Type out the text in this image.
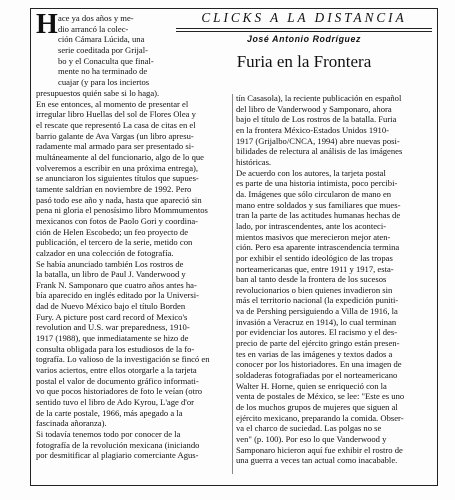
H ace ya dos años y me-
dio arrancó la colec-
ción Cámara Lúcida, una
serie coeditada por Grijal-
bo y el Conaculta que final-
mente no ha terminado de
cuajar (y para los inciertos
CLICKS A LA DISTANCIA
José Antonio Rodríguez
Furia en la Frontera
presupuestos quién sabe si lo haga).
En ese entonces, al momento de presentar el
irregular libro Huellas del sol de Flores Olea y
el rescate que representó La casa de citas en el
barrio galante de Ava Vargas (un libro apresu-
radamente mal armado para ser presentado si-
multáneamente al del funcionario, algo de lo que
volveremos a escribir en una próxima entrega),
se anunciaron los siguientes títulos que supues-
tamente saldrían en noviembre de 1992. Pero
pasó todo ese año y nada, hasta que apareció sin
pena ni gloria el penosísimo libro Mommumentos
mexicanos con fotos de Paolo Gori y coordina-
ción de Helen Escobedo; un feo proyecto de
publicación, el tercero de la serie, metido con
calzador en una colección de fotografía.
Se había anunciado también Los rostros de
la batalla, un libro de Paul J. Vanderwood y
Frank N. Samponaro que cuatro años antes ha-
bía aparecido en inglés editado por la Universi-
dad de Nuevo México bajo el título Borden
Fury. A picture post card record of Mexico's
revolution and U.S. war preparedness, 1910-
1917 (1988), que inmediatamente se hizo de
consulta obligada para los estudiosos de la fo-
tografía. Lo valioso de la investigación se fincó en
varios aciertos, entre ellos otorgarle a la tarjeta
postal el valor de documento gráfico informati-
vo que pocos historiadores de foto le veían (otro
sentido tuvo el libro de Ado Kyrou, L'age d'or
de la carte postale, 1966, más apegado a la
fascinada añoranza).
Si todavía tenemos todo por conocer de la
fotografía de la revolución mexicana (iniciando
por desmitificar al plagiario comerciante Agus-
tín Casasola), la reciente publicación en español
del libro de Vanderwood y Samponaro, ahora
bajo el título de Los rostros de la batalla. Furia
en la frontera México-Estados Unidos 1910-
1917 (Grijalbo/CNCA, 1994) abre nuevas posi-
bilidades de relectura al análisis de las imágenes
históricas.
De acuerdo con los autores, la tarjeta postal
es parte de una historia intimista, poco percibi-
da. Imágenes que sólo circularon de mano en
mano entre soldados y sus familiares que mues-
tran la parte de las actitudes humanas hechas de
lado, por intrascendentes, ante los aconteci-
mientos masivos que merecieron mejor aten-
ción. Pero esa aparente intrascendencia termina
por exhibir el sentido ideológico de las tropas
norteamericanas que, entre 1911 y 1917, esta-
ban al tanto desde la frontera de los sucesos
revolucionarios o bien quienes invadieron sin
más el territorio nacional (la expedición puniti-
va de Pershing persiguiendo a Villa de 1916, la
invasión a Veracruz en 1914), lo cual terminan
por evidenciar los autores. El racismo y el des-
precio de parte del ejército gringo están presen-
tes en varias de las imágenes y textos dados a
conocer por los historiadores. En una imagen de
soldaderas fotografiadas por el norteamericano
Walter H. Horne, quien se enriqueció con la
venta de postales de México, se lee: "Este es uno
de los muchos grupos de mujeres que siguen al
ejército mexicano, preparando la comida. Obser-
va el charco de suciedad. Las polgas no se
ven" (p. 100). Por eso lo que Vanderwood y
Samponaro hicieron aquí fue exhibir el rostro de
una guerra a veces tan actual como inacabable.
